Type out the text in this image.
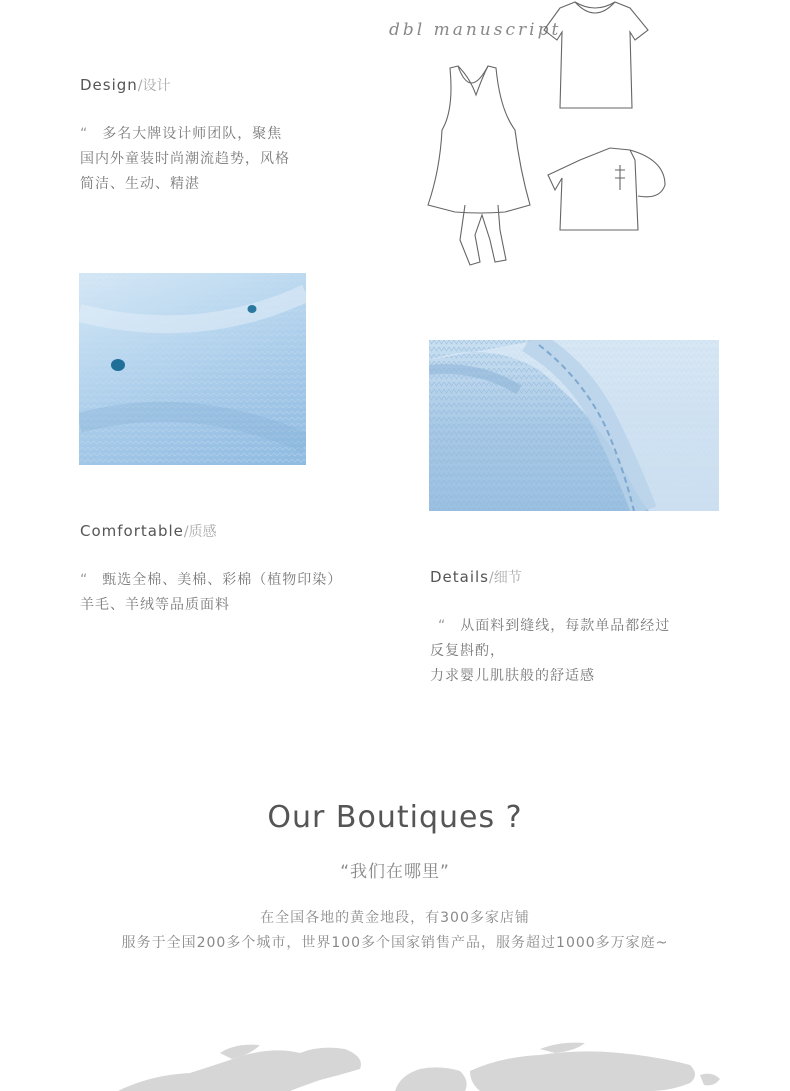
Design/设计
“ 多名大牌设计师团队，聚焦
国内外童装时尚潮流趋势，风格
简洁、生动、精湛
dbl manuscript
Comfortable/质感
“ 甄选全棉、美棉、彩棉（植物印染）
羊毛、羊绒等品质面料
Details/细节
“ 从面料到缝线，每款单品都经过
反复斟酌，
力求婴儿肌肤般的舒适感
Our Boutiques ?
“我们在哪里”
在全国各地的黄金地段，有300多家店铺
服务于全国200多个城市，世界100多个国家销售产品，服务超过1000多万家庭~
